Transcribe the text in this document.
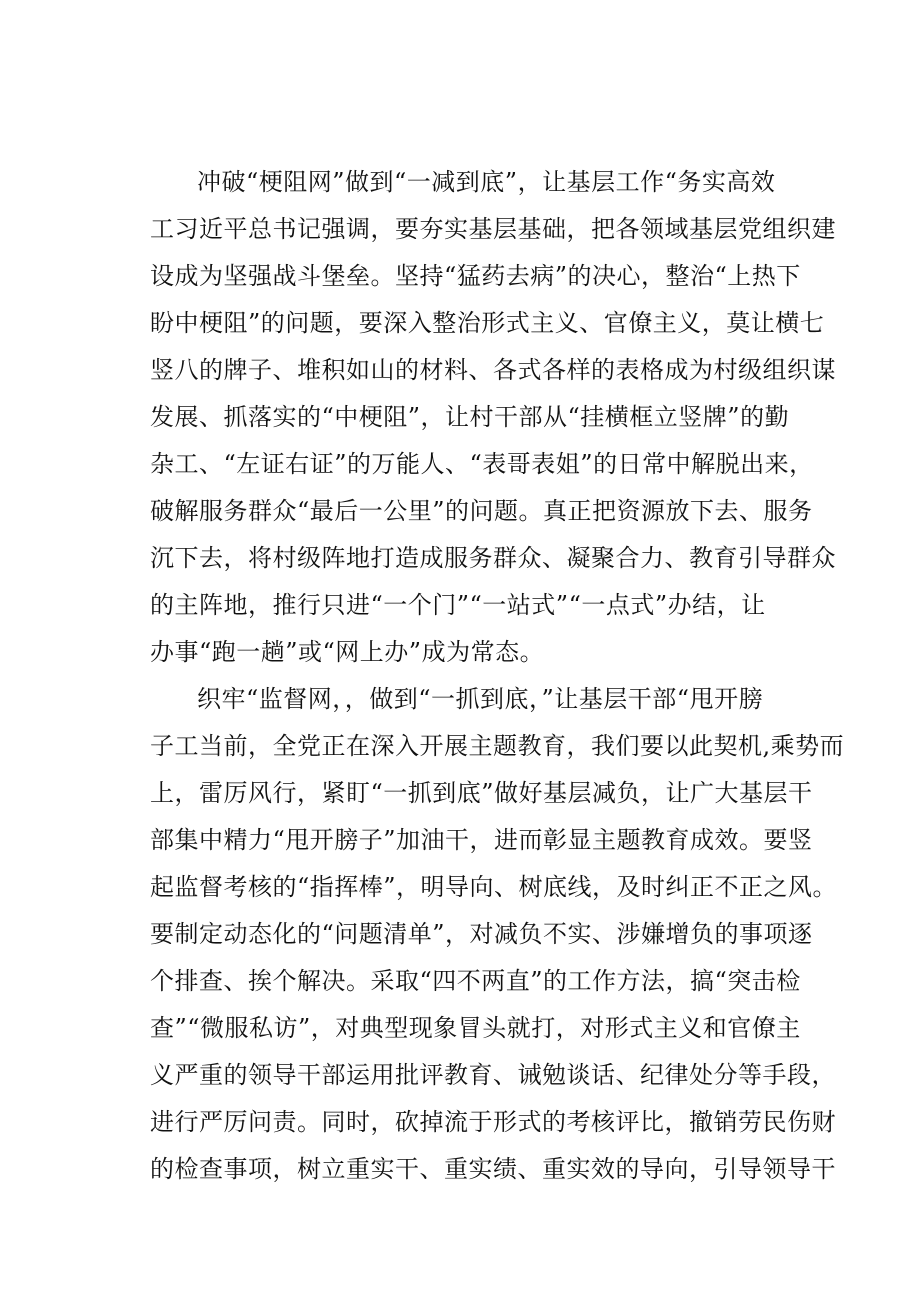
冲破“梗阻网”做到“一减到底”，让基层工作“务实高效
工习近平总书记强调，要夯实基层基础，把各领域基层党组织建
设成为坚强战斗堡垒。坚持“猛药去病”的决心，整治“上热下
盼中梗阻”的问题，要深入整治形式主义、官僚主义，莫让横七
竖八的牌子、堆积如山的材料、各式各样的表格成为村级组织谋
发展、抓落实的“中梗阻”，让村干部从“挂横框立竖牌”的勤
杂工、“左证右证”的万能人、“表哥表姐”的日常中解脱出来，
破解服务群众“最后一公里”的问题。真正把资源放下去、服务
沉下去，将村级阵地打造成服务群众、凝聚合力、教育引导群众
的主阵地，推行只进“一个门”“一站式”“一点式”办结，让
办事“跑一趟”或“网上办”成为常态。
织牢“监督网，，做到“一抓到底，”让基层干部“甩开膀
子工当前，全党正在深入开展主题教育，我们要以此契机,乘势而
上，雷厉风行，紧盯“一抓到底”做好基层减负，让广大基层干
部集中精力“甩开膀子”加油干，进而彰显主题教育成效。要竖
起监督考核的“指挥棒”，明导向、树底线，及时纠正不正之风。
要制定动态化的“问题清单”，对减负不实、涉嫌增负的事项逐
个排查、挨个解决。采取“四不两直”的工作方法，搞“突击检
查”“微服私访”，对典型现象冒头就打，对形式主义和官僚主
义严重的领导干部运用批评教育、诫勉谈话、纪律处分等手段，
进行严厉问责。同时，砍掉流于形式的考核评比，撤销劳民伤财
的检查事项，树立重实干、重实绩、重实效的导向，引导领导干
